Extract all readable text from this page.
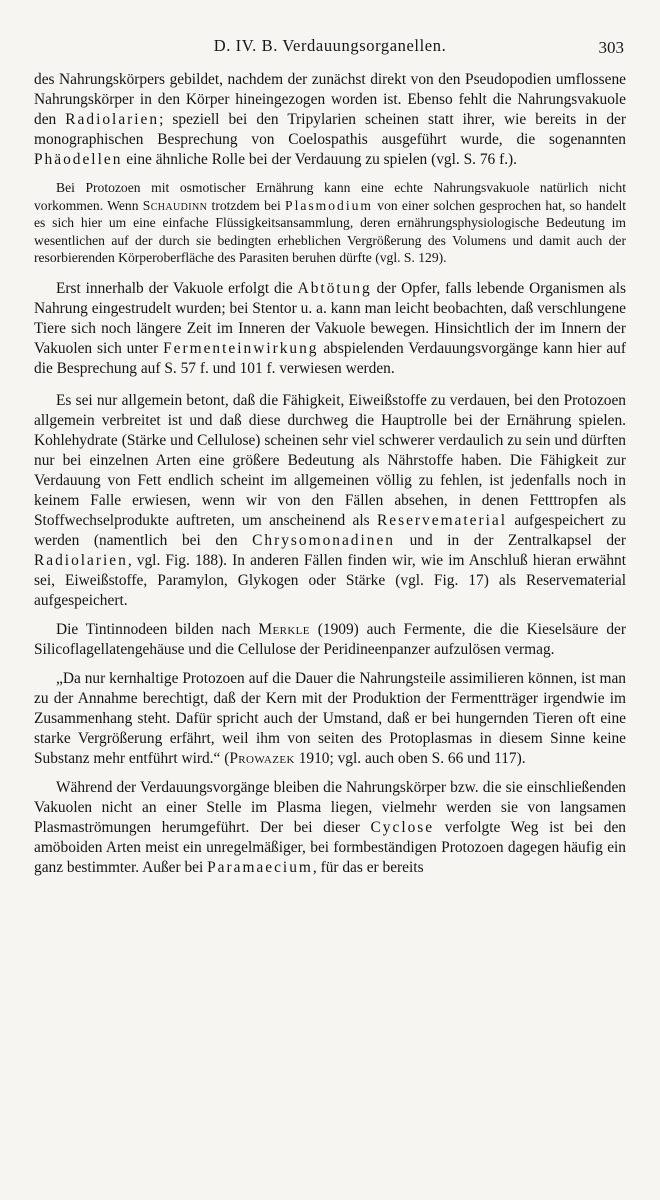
D. IV. B. Verdauungsorganellen.	303

des Nahrungskörpers gebildet, nachdem der zunächst direkt von den Pseudopodien umflossene Nahrungskörper in den Körper hineingezogen worden ist. Ebenso fehlt die Nahrungsvakuole den Radiolarien; speziell bei den Tripylarien scheinen statt ihrer, wie bereits in der monographischen Besprechung von Coelospathis ausgeführt wurde, die sogenannten Phäodellen eine ähnliche Rolle bei der Verdauung zu spielen (vgl. S. 76 f.).

Bei Protozoen mit osmotischer Ernährung kann eine echte Nahrungsvakuole natürlich nicht vorkommen. Wenn Schaudinn trotzdem bei Plasmodium von einer solchen gesprochen hat, so handelt es sich hier um eine einfache Flüssigkeitsansammlung, deren ernährungsphysiologische Bedeutung im wesentlichen auf der durch sie bedingten erheblichen Vergrößerung des Volumens und damit auch der resorbierenden Körperoberfläche des Parasiten beruhen dürfte (vgl. S. 129).

Erst innerhalb der Vakuole erfolgt die Abtötung der Opfer, falls lebende Organismen als Nahrung eingestrudelt wurden; bei Stentor u. a. kann man leicht beobachten, daß verschlungene Tiere sich noch längere Zeit im Inneren der Vakuole bewegen. Hinsichtlich der im Innern der Vakuolen sich unter Fermenteinwirkung abspielenden Verdauungsvorgänge kann hier auf die Besprechung auf S. 57 f. und 101 f. verwiesen werden.

Es sei nur allgemein betont, daß die Fähigkeit, Eiweißstoffe zu verdauen, bei den Protozoen allgemein verbreitet ist und daß diese durchweg die Hauptrolle bei der Ernährung spielen. Kohlehydrate (Stärke und Cellulose) scheinen sehr viel schwerer verdaulich zu sein und dürften nur bei einzelnen Arten eine größere Bedeutung als Nährstoffe haben. Die Fähigkeit zur Verdauung von Fett endlich scheint im allgemeinen völlig zu fehlen, ist jedenfalls noch in keinem Falle erwiesen, wenn wir von den Fällen absehen, in denen Fetttropfen als Stoffwechselprodukte auftreten, um anscheinend als Reservematerial aufgespeichert zu werden (namentlich bei den Chrysomonadinen und in der Zentralkapsel der Radiolarien, vgl. Fig. 188). In anderen Fällen finden wir, wie im Anschluß hieran erwähnt sei, Eiweißstoffe, Paramylon, Glykogen oder Stärke (vgl. Fig. 17) als Reservematerial aufgespeichert.

Die Tintinnodeen bilden nach Merkle (1909) auch Fermente, die die Kieselsäure der Silicoflagellatengehäuse und die Cellulose der Peridineenpanzer aufzulösen vermag.

„Da nur kernhaltige Protozoen auf die Dauer die Nahrungsteile assimilieren können, ist man zu der Annahme berechtigt, daß der Kern mit der Produktion der Fermentträger irgendwie im Zusammenhang steht. Dafür spricht auch der Umstand, daß er bei hungernden Tieren oft eine starke Vergrößerung erfährt, weil ihm von seiten des Protoplasmas in diesem Sinne keine Substanz mehr entführt wird.“ (Prowazek 1910; vgl. auch oben S. 66 und 117).

Während der Verdauungsvorgänge bleiben die Nahrungskörper bzw. die sie einschließenden Vakuolen nicht an einer Stelle im Plasma liegen, vielmehr werden sie von langsamen Plasmaströmungen herumgeführt. Der bei dieser Cyclose verfolgte Weg ist bei den amöboiden Arten meist ein unregelmäßiger, bei formbeständigen Protozoen dagegen häufig ein ganz bestimmter. Außer bei Paramaecium, für das er bereits
